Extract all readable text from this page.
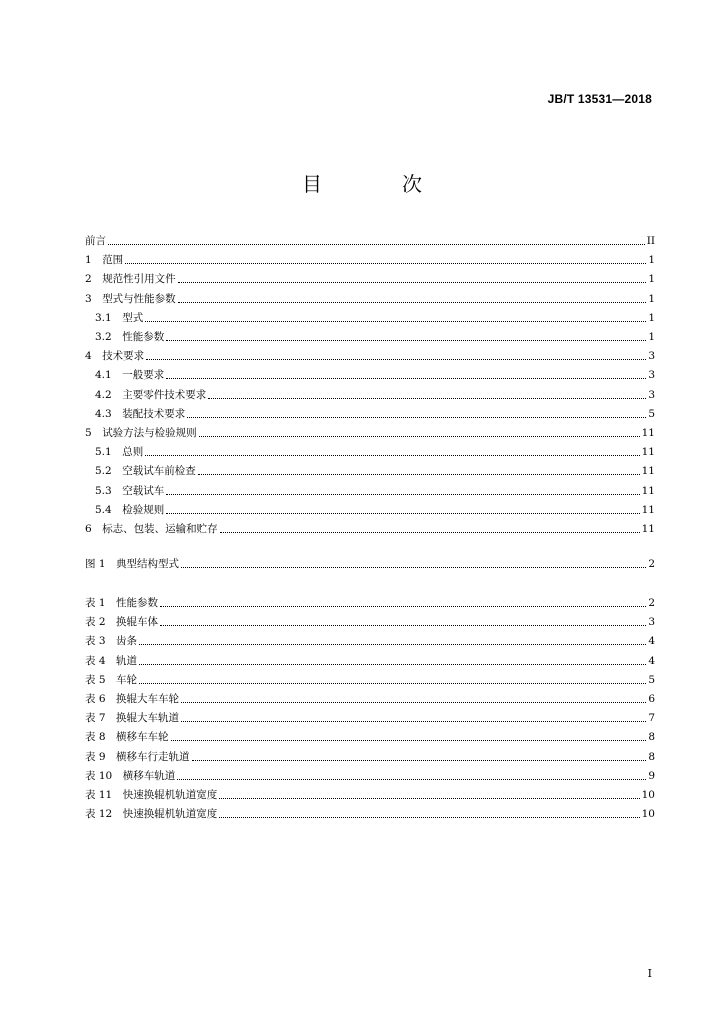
JB/T 13531—2018
目　次
前言	II
1　 范围	1
2　 规范性引用文件	1
3　 型式与性能参数	1
3.1　 型式	1
3.2　 性能参数	1
4　 技术要求	3
4.1　 一般要求	3
4.2　 主要零件技术要求	3
4.3　 装配技术要求	5
5　 试验方法与检验规则	11
5.1　 总则	11
5.2　 空载试车前检查	11
5.3　 空载试车	11
5.4　 检验规则	11
6　 标志、包装、运输和贮存	11
图 1　 典型结构型式	2
表 1　 性能参数	2
表 2　 换辊车体	3
表 3　 齿条	4
表 4　 轨道	4
表 5　 车轮	5
表 6　 换辊大车车轮	6
表 7　 换辊大车轨道	7
表 8　 横移车车轮	8
表 9　 横移车行走轨道	8
表 10　 横移车轨道	9
表 11　 快速换辊机轨道宽度	10
表 12　 快速换辊机轨道宽度	10
I
